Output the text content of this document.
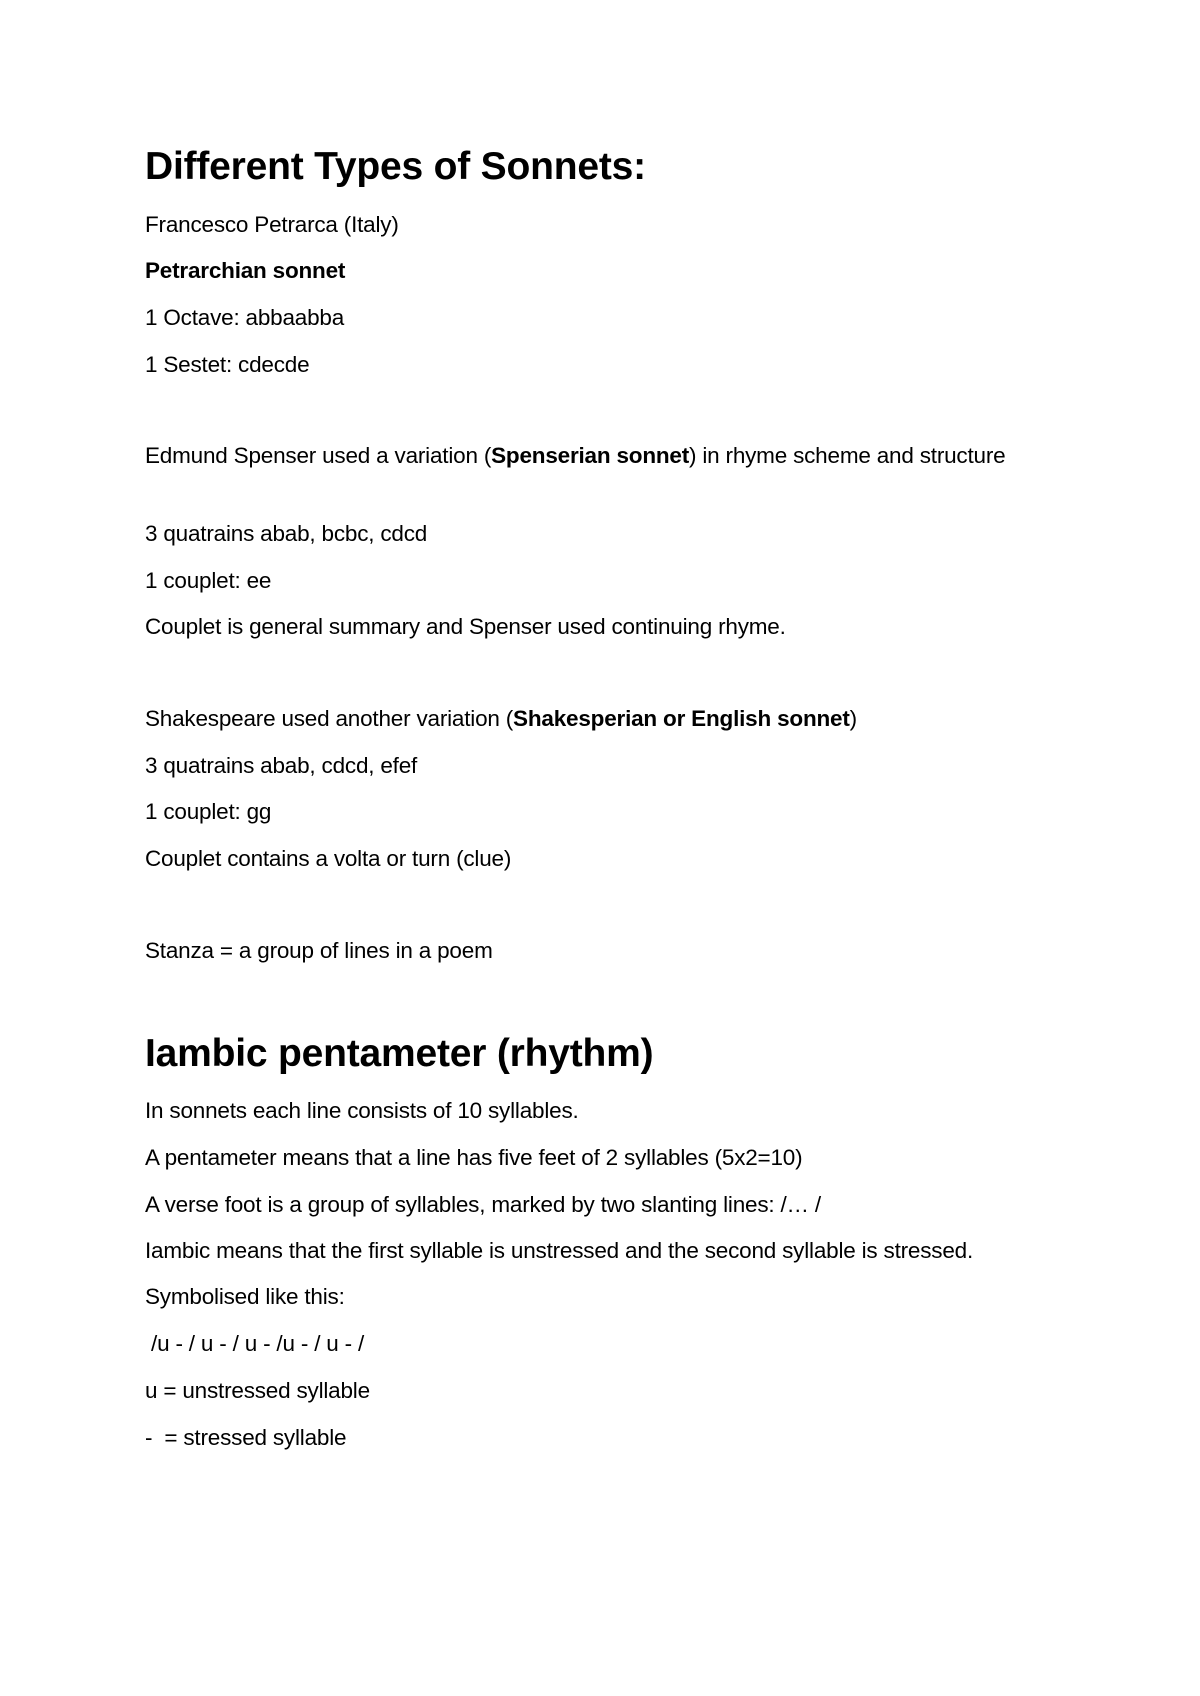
Different Types of Sonnets:
Francesco Petrarca (Italy)
Petrarchian sonnet
1 Octave: abbaabba
1 Sestet: cdecde
Edmund Spenser used a variation (Spenserian sonnet) in rhyme scheme and structure
3 quatrains abab, bcbc, cdcd
1 couplet: ee
Couplet is general summary and Spenser used continuing rhyme.
Shakespeare used another variation (Shakesperian or English sonnet)
3 quatrains abab, cdcd, efef
1 couplet: gg
Couplet contains a volta or turn (clue)
Stanza = a group of lines in a poem
Iambic pentameter (rhythm)
In sonnets each line consists of 10 syllables.
A pentameter means that a line has five feet of 2 syllables (5x2=10)
A verse foot is a group of syllables, marked by two slanting lines: /… /
Iambic means that the first syllable is unstressed and the second syllable is stressed.
Symbolised like this:
/u - / u - / u - /u - / u - /
u = unstressed syllable
-  = stressed syllable
